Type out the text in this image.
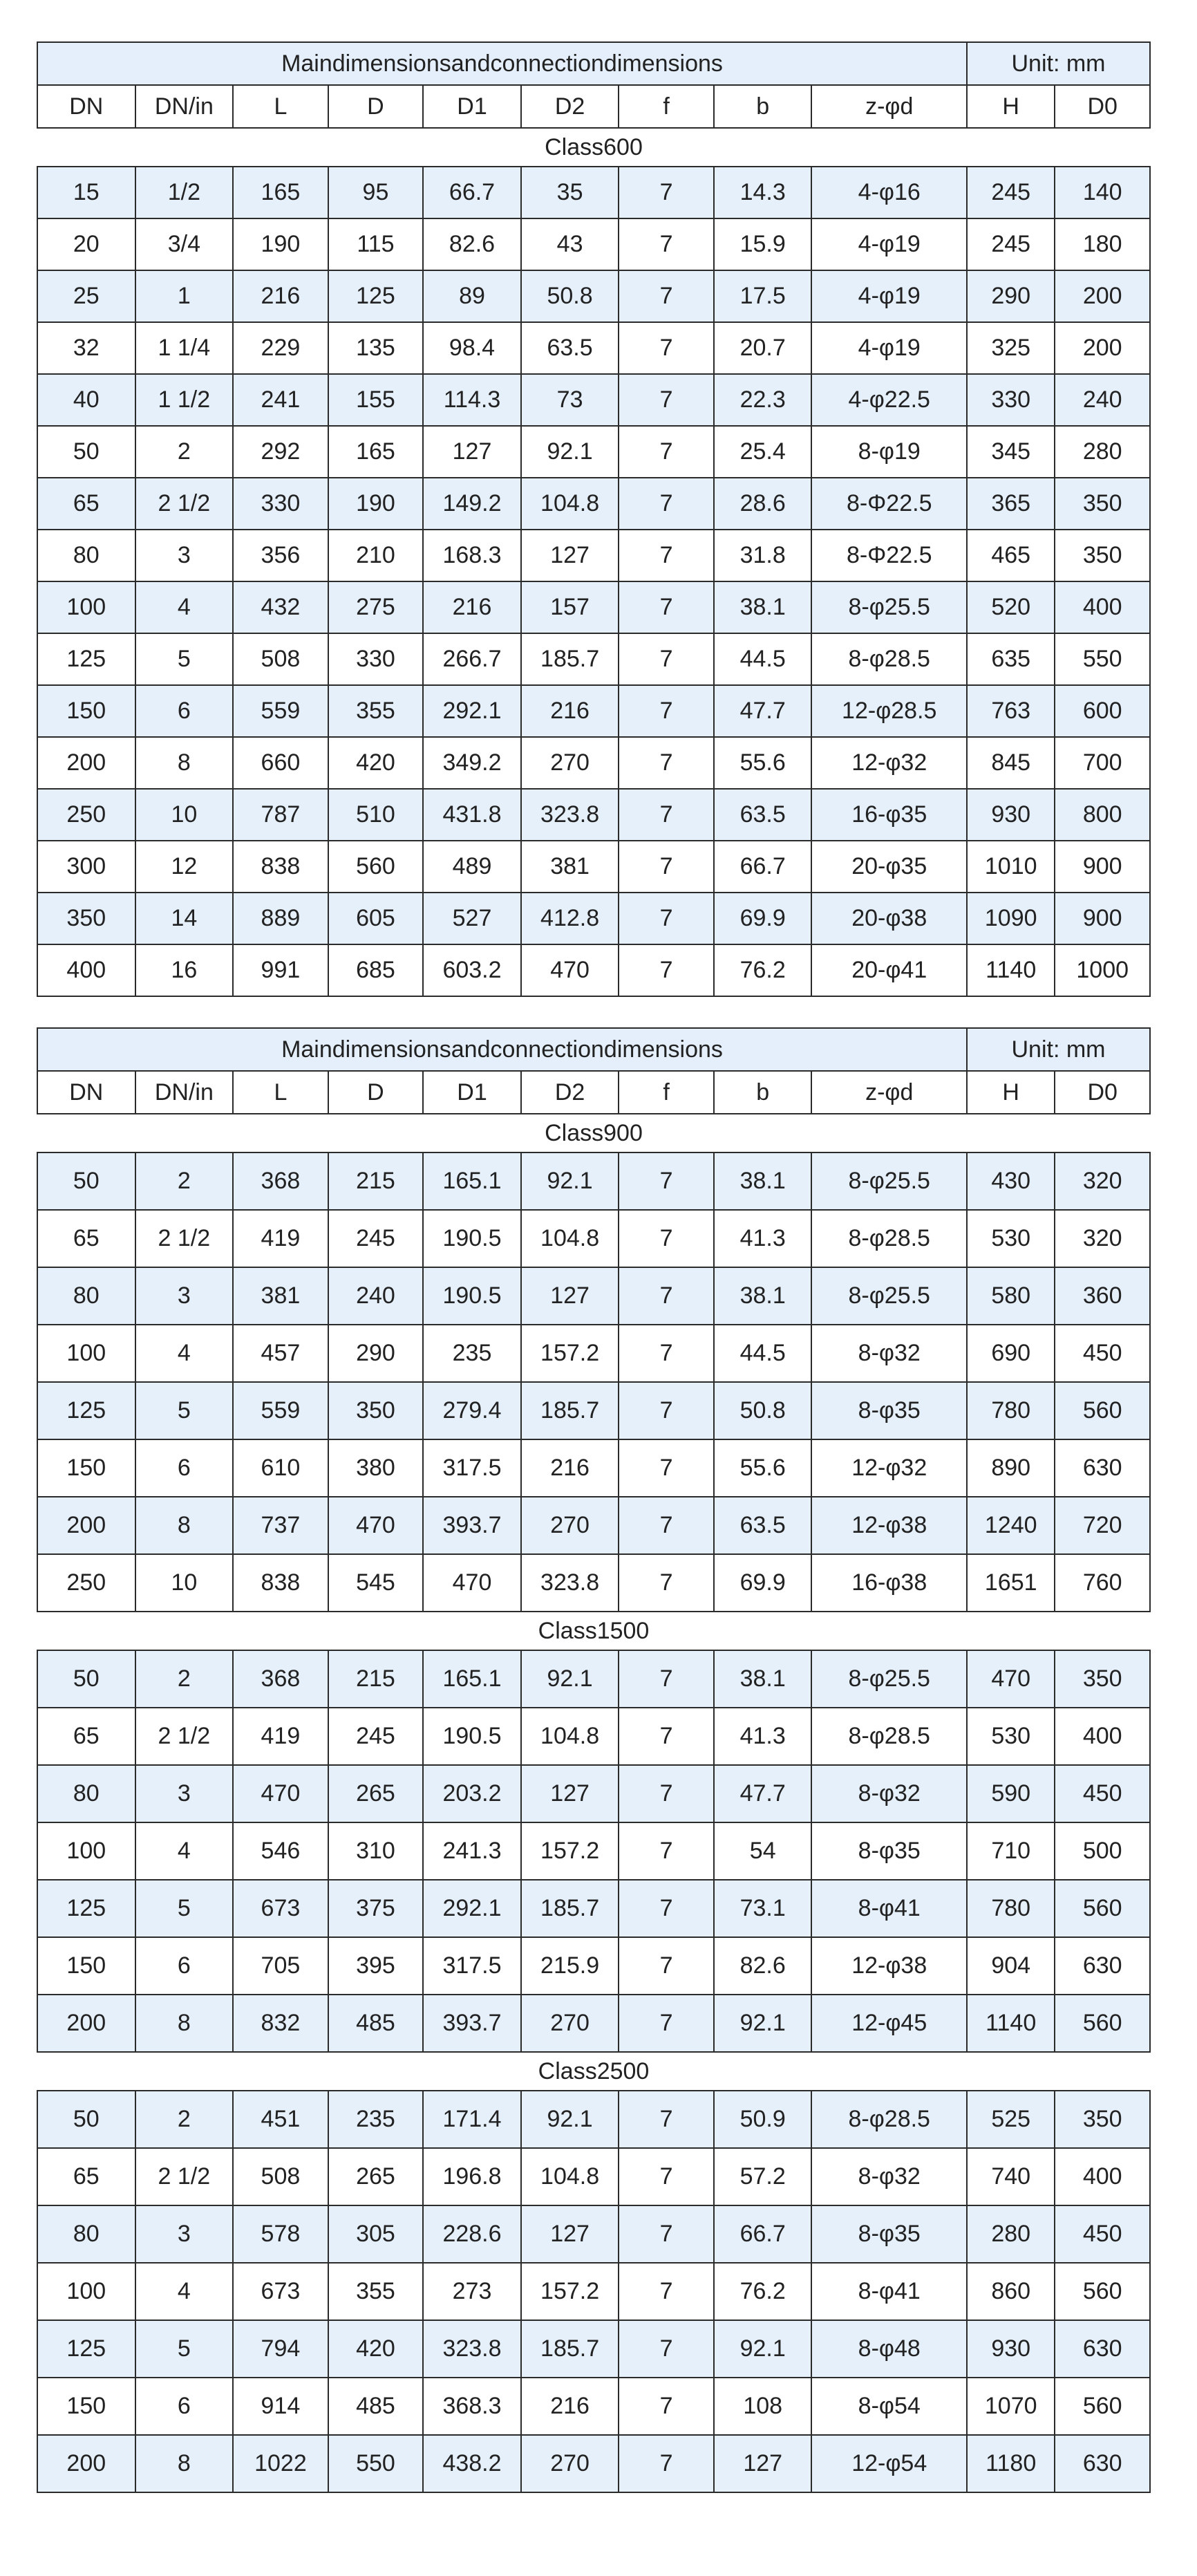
Maindimensionsandconnectiondimensions									Unit: mm	
DN	DN/in	L	D	D1	D2	f	b	z-φd	H	D0
Class600										
15	1/2	165	95	66.7	35	7	14.3	4-φ16	245	140
20	3/4	190	115	82.6	43	7	15.9	4-φ19	245	180
25	1	216	125	89	50.8	7	17.5	4-φ19	290	200
32	1 1/4	229	135	98.4	63.5	7	20.7	4-φ19	325	200
40	1 1/2	241	155	114.3	73	7	22.3	4-φ22.5	330	240
50	2	292	165	127	92.1	7	25.4	8-φ19	345	280
65	2 1/2	330	190	149.2	104.8	7	28.6	8-Φ22.5	365	350
80	3	356	210	168.3	127	7	31.8	8-Φ22.5	465	350
100	4	432	275	216	157	7	38.1	8-φ25.5	520	400
125	5	508	330	266.7	185.7	7	44.5	8-φ28.5	635	550
150	6	559	355	292.1	216	7	47.7	12-φ28.5	763	600
200	8	660	420	349.2	270	7	55.6	12-φ32	845	700
250	10	787	510	431.8	323.8	7	63.5	16-φ35	930	800
300	12	838	560	489	381	7	66.7	20-φ35	1010	900
350	14	889	605	527	412.8	7	69.9	20-φ38	1090	900
400	16	991	685	603.2	470	7	76.2	20-φ41	1140	1000
Maindimensionsandconnectiondimensions									Unit: mm	
DN	DN/in	L	D	D1	D2	f	b	z-φd	H	D0
Class900										
50	2	368	215	165.1	92.1	7	38.1	8-φ25.5	430	320
65	2 1/2	419	245	190.5	104.8	7	41.3	8-φ28.5	530	320
80	3	381	240	190.5	127	7	38.1	8-φ25.5	580	360
100	4	457	290	235	157.2	7	44.5	8-φ32	690	450
125	5	559	350	279.4	185.7	7	50.8	8-φ35	780	560
150	6	610	380	317.5	216	7	55.6	12-φ32	890	630
200	8	737	470	393.7	270	7	63.5	12-φ38	1240	720
250	10	838	545	470	323.8	7	69.9	16-φ38	1651	760
Class1500										
50	2	368	215	165.1	92.1	7	38.1	8-φ25.5	470	350
65	2 1/2	419	245	190.5	104.8	7	41.3	8-φ28.5	530	400
80	3	470	265	203.2	127	7	47.7	8-φ32	590	450
100	4	546	310	241.3	157.2	7	54	8-φ35	710	500
125	5	673	375	292.1	185.7	7	73.1	8-φ41	780	560
150	6	705	395	317.5	215.9	7	82.6	12-φ38	904	630
200	8	832	485	393.7	270	7	92.1	12-φ45	1140	560
Class2500										
50	2	451	235	171.4	92.1	7	50.9	8-φ28.5	525	350
65	2 1/2	508	265	196.8	104.8	7	57.2	8-φ32	740	400
80	3	578	305	228.6	127	7	66.7	8-φ35	280	450
100	4	673	355	273	157.2	7	76.2	8-φ41	860	560
125	5	794	420	323.8	185.7	7	92.1	8-φ48	930	630
150	6	914	485	368.3	216	7	108	8-φ54	1070	560
200	8	1022	550	438.2	270	7	127	12-φ54	1180	630
